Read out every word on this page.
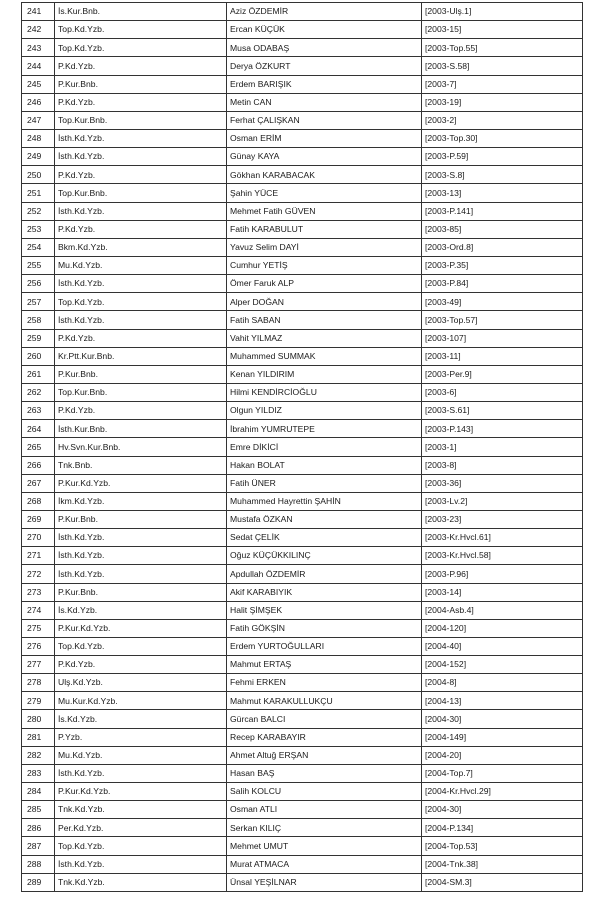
241	İs.Kur.Bnb.	Aziz ÖZDEMİR	[2003-Ulş.1]
242	Top.Kd.Yzb.	Ercan KÜÇÜK	[2003-15]
243	Top.Kd.Yzb.	Musa ODABAŞ	[2003-Top.55]
244	P.Kd.Yzb.	Derya ÖZKURT	[2003-S.58]
245	P.Kur.Bnb.	Erdem BARIŞIK	[2003-7]
246	P.Kd.Yzb.	Metin CAN	[2003-19]
247	Top.Kur.Bnb.	Ferhat ÇALIŞKAN	[2003-2]
248	İsth.Kd.Yzb.	Osman ERİM	[2003-Top.30]
249	İsth.Kd.Yzb.	Günay KAYA	[2003-P.59]
250	P.Kd.Yzb.	Gökhan KARABACAK	[2003-S.8]
251	Top.Kur.Bnb.	Şahin YÜCE	[2003-13]
252	İsth.Kd.Yzb.	Mehmet Fatih GÜVEN	[2003-P.141]
253	P.Kd.Yzb.	Fatih KARABULUT	[2003-85]
254	Bkm.Kd.Yzb.	Yavuz Selim DAYİ	[2003-Ord.8]
255	Mu.Kd.Yzb.	Cumhur YETİŞ	[2003-P.35]
256	İsth.Kd.Yzb.	Ömer Faruk ALP	[2003-P.84]
257	Top.Kd.Yzb.	Alper DOĞAN	[2003-49]
258	İsth.Kd.Yzb.	Fatih SABAN	[2003-Top.57]
259	P.Kd.Yzb.	Vahit YILMAZ	[2003-107]
260	Kr.Ptt.Kur.Bnb.	Muhammed SUMMAK	[2003-11]
261	P.Kur.Bnb.	Kenan YILDIRIM	[2003-Per.9]
262	Top.Kur.Bnb.	Hilmi KENDİRCİOĞLU	[2003-6]
263	P.Kd.Yzb.	Olgun YILDIZ	[2003-S.61]
264	İsth.Kur.Bnb.	İbrahim YUMRUTEPE	[2003-P.143]
265	Hv.Svn.Kur.Bnb.	Emre DİKİCİ	[2003-1]
266	Tnk.Bnb.	Hakan BOLAT	[2003-8]
267	P.Kur.Kd.Yzb.	Fatih ÜNER	[2003-36]
268	İkm.Kd.Yzb.	Muhammed Hayrettin ŞAHİN	[2003-Lv.2]
269	P.Kur.Bnb.	Mustafa ÖZKAN	[2003-23]
270	İsth.Kd.Yzb.	Sedat ÇELİK	[2003-Kr.Hvcl.61]
271	İsth.Kd.Yzb.	Oğuz KÜÇÜKKILINÇ	[2003-Kr.Hvcl.58]
272	İsth.Kd.Yzb.	Apdullah ÖZDEMİR	[2003-P.96]
273	P.Kur.Bnb.	Akif KARABIYIK	[2003-14]
274	İs.Kd.Yzb.	Halit ŞİMŞEK	[2004-Asb.4]
275	P.Kur.Kd.Yzb.	Fatih GÖKŞİN	[2004-120]
276	Top.Kd.Yzb.	Erdem YURTOĞULLARI	[2004-40]
277	P.Kd.Yzb.	Mahmut ERTAŞ	[2004-152]
278	Ulş.Kd.Yzb.	Fehmi ERKEN	[2004-8]
279	Mu.Kur.Kd.Yzb.	Mahmut KARAKULLUKÇU	[2004-13]
280	İs.Kd.Yzb.	Gürcan BALCI	[2004-30]
281	P.Yzb.	Recep KARABAYIR	[2004-149]
282	Mu.Kd.Yzb.	Ahmet Altuğ ERŞAN	[2004-20]
283	İsth.Kd.Yzb.	Hasan BAŞ	[2004-Top.7]
284	P.Kur.Kd.Yzb.	Salih KOLCU	[2004-Kr.Hvcl.29]
285	Tnk.Kd.Yzb.	Osman ATLI	[2004-30]
286	Per.Kd.Yzb.	Serkan KILIÇ	[2004-P.134]
287	Top.Kd.Yzb.	Mehmet UMUT	[2004-Top.53]
288	İsth.Kd.Yzb.	Murat ATMACA	[2004-Tnk.38]
289	Tnk.Kd.Yzb.	Ünsal YEŞİLNAR	[2004-SM.3]
